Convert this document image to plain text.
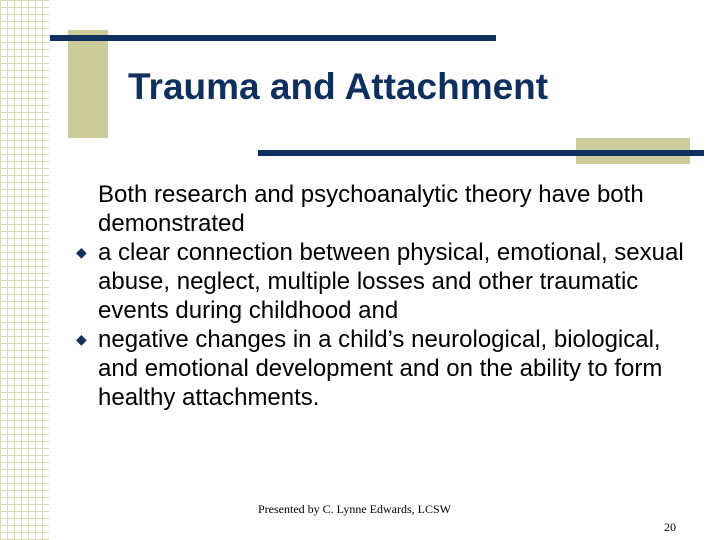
Trauma and Attachment

Both research and psychoanalytic theory have both demonstrated

◆ a clear connection between physical, emotional, sexual abuse, neglect, multiple losses and other traumatic events during childhood and

◆ negative changes in a child’s neurological, biological, and emotional development and on the ability to form healthy attachments.

Presented by C. Lynne Edwards, LCSW
20
